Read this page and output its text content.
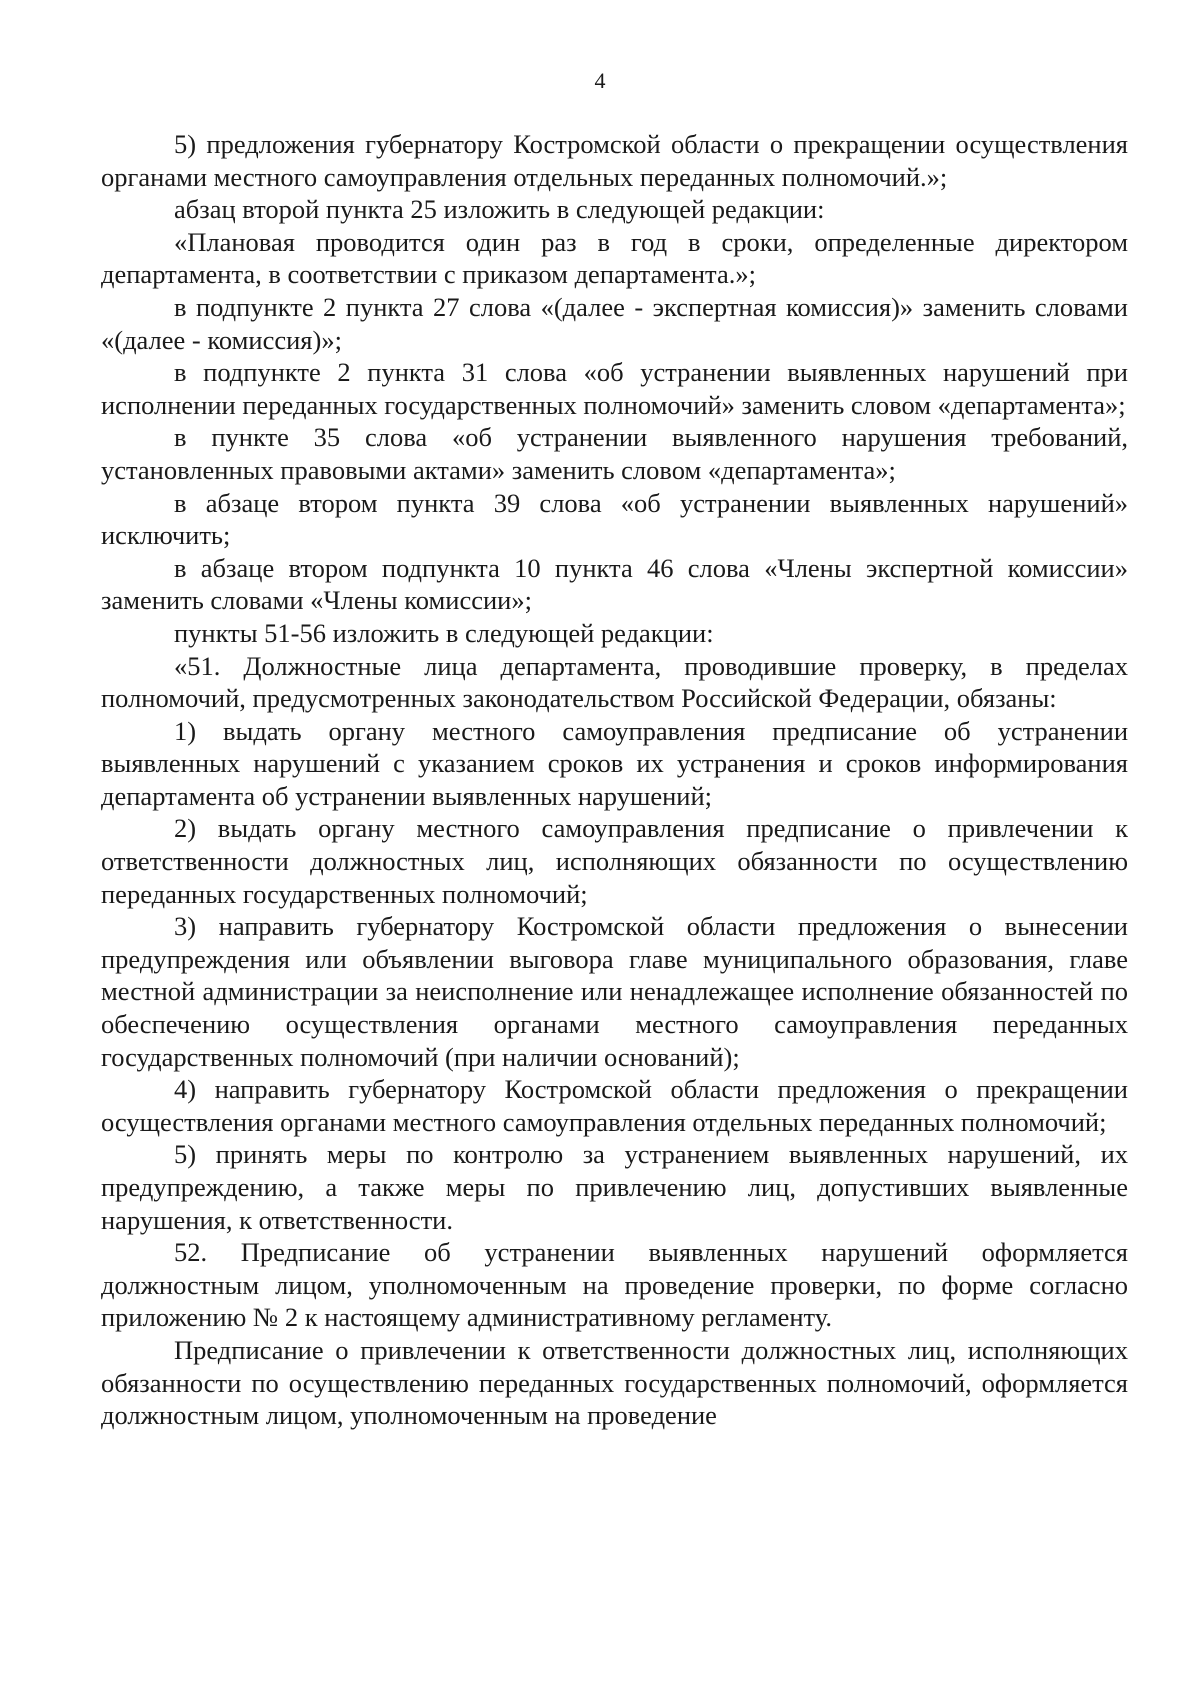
4

5) предложения губернатору Костромской области о прекращении осуществления органами местного самоуправления отдельных переданных полномочий.»;

абзац второй пункта 25 изложить в следующей редакции:

«Плановая проводится один раз в год в сроки, определенные директором департамента, в соответствии с приказом департамента.»;

в подпункте 2 пункта 27 слова «(далее - экспертная комиссия)» заменить словами «(далее - комиссия)»;

в подпункте 2 пункта 31 слова «об устранении выявленных нарушений при исполнении переданных государственных полномочий» заменить словом «департамента»;

в пункте 35 слова «об устранении выявленного нарушения требований, установленных правовыми актами» заменить словом «департамента»;

в абзаце втором пункта 39 слова «об устранении выявленных нарушений» исключить;

в абзаце втором подпункта 10 пункта 46 слова «Члены экспертной комиссии» заменить словами «Члены комиссии»;

пункты 51-56 изложить в следующей редакции:

«51. Должностные лица департамента, проводившие проверку, в пределах полномочий, предусмотренных законодательством Российской Федерации, обязаны:

1) выдать органу местного самоуправления предписание об устранении выявленных нарушений с указанием сроков их устранения и сроков информирования департамента об устранении выявленных нарушений;

2) выдать органу местного самоуправления предписание о привлечении к ответственности должностных лиц, исполняющих обязанности по осуществлению переданных государственных полномочий;

3) направить губернатору Костромской области предложения о вынесении предупреждения или объявлении выговора главе муниципального образования, главе местной администрации за неисполнение или ненадлежащее исполнение обязанностей по обеспечению осуществления органами местного самоуправления переданных государственных полномочий (при наличии оснований);

4) направить губернатору Костромской области предложения о прекращении осуществления органами местного самоуправления отдельных переданных полномочий;

5) принять меры по контролю за устранением выявленных нарушений, их предупреждению, а также меры по привлечению лиц, допустивших выявленные нарушения, к ответственности.

52. Предписание об устранении выявленных нарушений оформляется должностным лицом, уполномоченным на проведение проверки, по форме согласно приложению № 2 к настоящему административному регламенту.

Предписание о привлечении к ответственности должностных лиц, исполняющих обязанности по осуществлению переданных государственных полномочий, оформляется должностным лицом, уполномоченным на проведение
